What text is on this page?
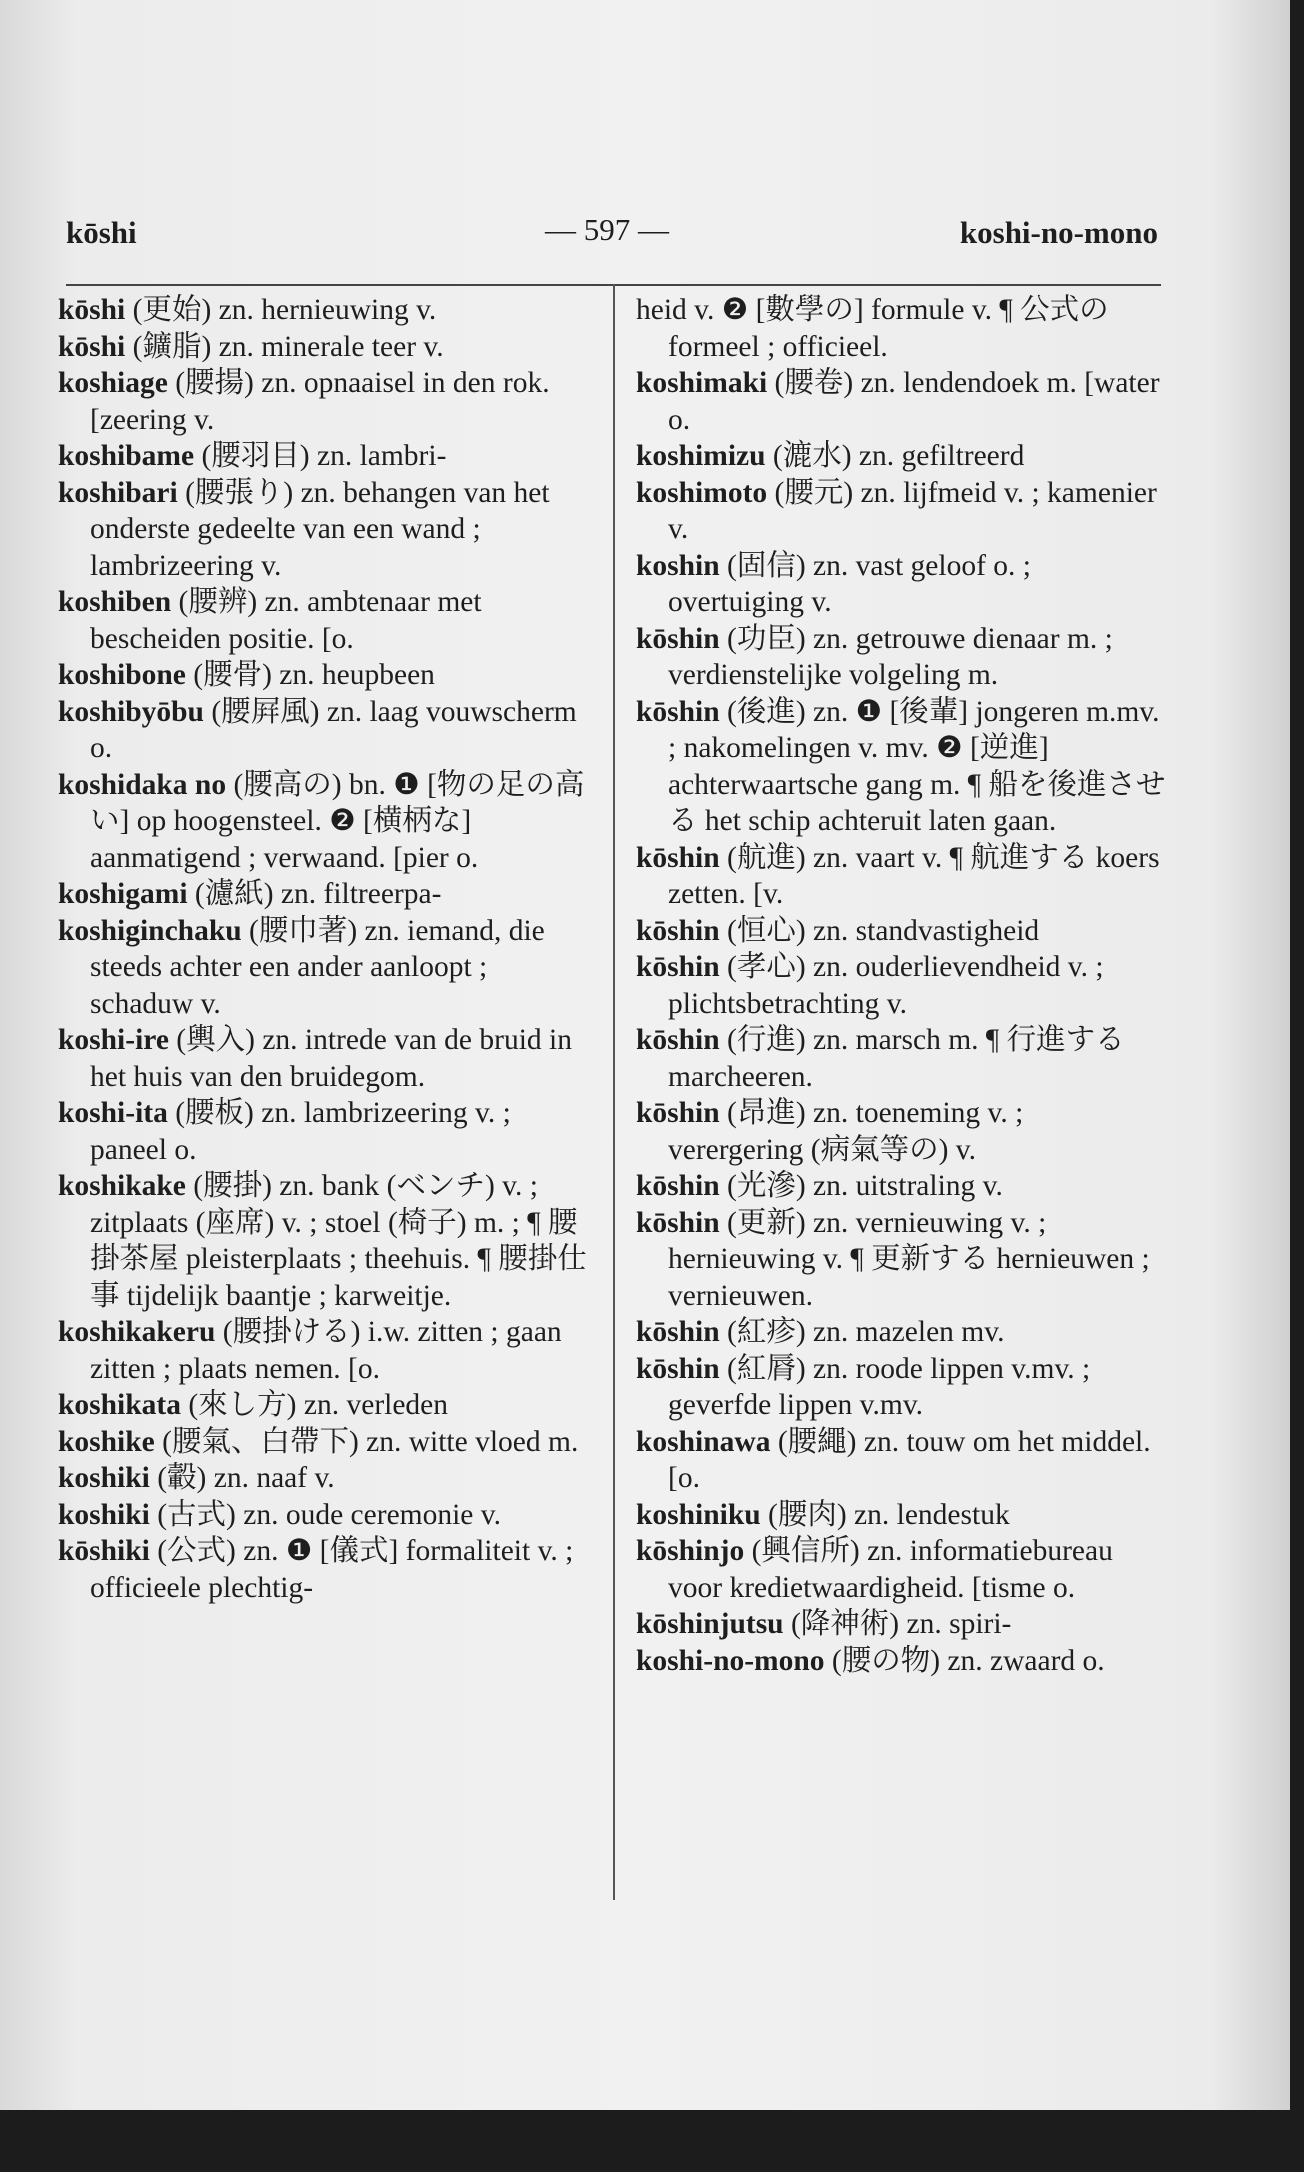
kōshi	— 597 —	koshi-no-mono
kōshi (更始) zn. hernieuwing v.
kōshi (鑛脂) zn. minerale teer v.
koshiage (腰揚) zn. opnaaisel in den rok. [zeering v.
koshibame (腰羽目) zn. lambri-
koshibari (腰張り) zn. behangen van het onderste gedeelte van een wand ; lambrizeering v.
koshiben (腰辨) zn. ambtenaar met bescheiden positie. [o.
koshibone (腰骨) zn. heupbeen
koshibyōbu (腰屛風) zn. laag vouwscherm o.
koshidaka no (腰高の) bn. ❶ [物の足の高い] op hoogensteel. ❷ [横柄な] aanmatigend ; verwaand. [pier o.
koshigami (濾紙) zn. filtreerpa-
koshiginchaku (腰巾著) zn. iemand, die steeds achter een ander aanloopt ; schaduw v.
koshi-ire (輿入) zn. intrede van de bruid in het huis van den bruidegom.
koshi-ita (腰板) zn. lambrizeering v. ; paneel o.
koshikake (腰掛) zn. bank (ベンチ) v. ; zitplaats (座席) v. ; stoel (椅子) m. ; ¶ 腰掛茶屋 pleisterplaats ; theehuis. ¶ 腰掛仕事 tijdelijk baantje ; karweitje.
koshikakeru (腰掛ける) i.w. zitten ; gaan zitten ; plaats nemen. [o.
koshikata (來し方) zn. verleden
koshike (腰氣、白帶下) zn. witte vloed m.
koshiki (轂) zn. naaf v.
koshiki (古式) zn. oude ceremonie v.
kōshiki (公式) zn. ❶ [儀式] formaliteit v. ; officieele plechtig-
heid v. ❷ [數學の] formule v. ¶ 公式の formeel ; officieel.
koshimaki (腰卷) zn. lendendoek m. [water o.
koshimizu (漉水) zn. gefiltreerd
koshimoto (腰元) zn. lijfmeid v. ; kamenier v.
koshin (固信) zn. vast geloof o. ; overtuiging v.
kōshin (功臣) zn. getrouwe dienaar m. ; verdienstelijke volgeling m.
kōshin (後進) zn. ❶ [後輩] jongeren m.mv. ; nakomelingen v. mv. ❷ [逆進] achterwaartsche gang m. ¶ 船を後進させる het schip achteruit laten gaan.
kōshin (航進) zn. vaart v. ¶ 航進する koers zetten. [v.
kōshin (恒心) zn. standvastigheid
kōshin (孝心) zn. ouderlievendheid v. ; plichtsbetrachting v.
kōshin (行進) zn. marsch m. ¶ 行進する marcheeren.
kōshin (昂進) zn. toeneming v. ; verergering (病氣等の) v.
kōshin (光滲) zn. uitstraling v.
kōshin (更新) zn. vernieuwing v. ; hernieuwing v. ¶ 更新する hernieuwen ; vernieuwen.
kōshin (紅疹) zn. mazelen mv.
kōshin (紅脣) zn. roode lippen v.mv. ; geverfde lippen v.mv.
koshinawa (腰繩) zn. touw om het middel. [o.
koshiniku (腰肉) zn. lendestuk
kōshinjo (興信所) zn. informatiebureau voor kredietwaardigheid. [tisme o.
kōshinjutsu (降神術) zn. spiri-
koshi-no-mono (腰の物) zn. zwaard o.
